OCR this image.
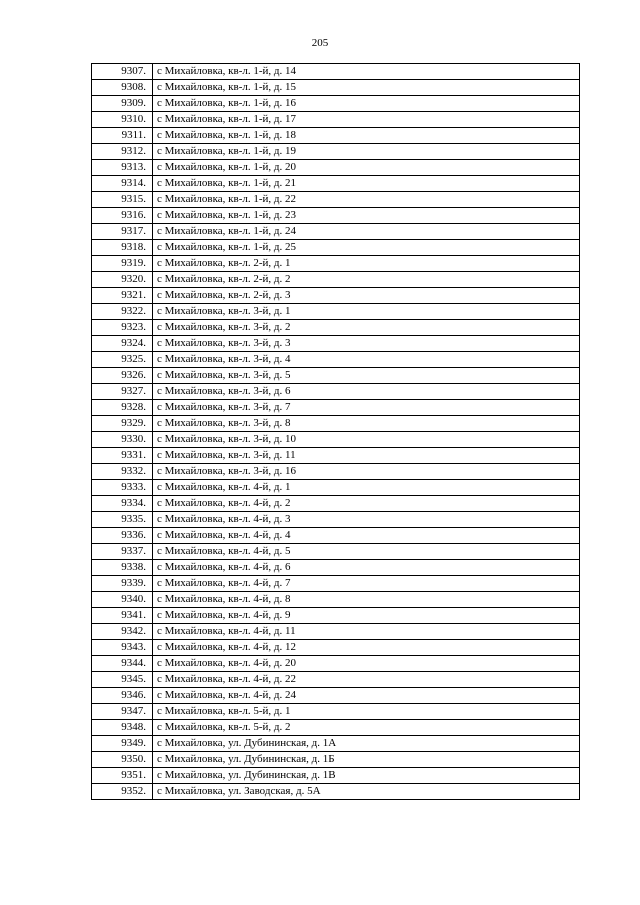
205
9307.	с Михайловка, кв-л. 1-й, д. 14
9308.	с Михайловка, кв-л. 1-й, д. 15
9309.	с Михайловка, кв-л. 1-й, д. 16
9310.	с Михайловка, кв-л. 1-й, д. 17
9311.	с Михайловка, кв-л. 1-й, д. 18
9312.	с Михайловка, кв-л. 1-й, д. 19
9313.	с Михайловка, кв-л. 1-й, д. 20
9314.	с Михайловка, кв-л. 1-й, д. 21
9315.	с Михайловка, кв-л. 1-й, д. 22
9316.	с Михайловка, кв-л. 1-й, д. 23
9317.	с Михайловка, кв-л. 1-й, д. 24
9318.	с Михайловка, кв-л. 1-й, д. 25
9319.	с Михайловка, кв-л. 2-й, д. 1
9320.	с Михайловка, кв-л. 2-й, д. 2
9321.	с Михайловка, кв-л. 2-й, д. 3
9322.	с Михайловка, кв-л. 3-й, д. 1
9323.	с Михайловка, кв-л. 3-й, д. 2
9324.	с Михайловка, кв-л. 3-й, д. 3
9325.	с Михайловка, кв-л. 3-й, д. 4
9326.	с Михайловка, кв-л. 3-й, д. 5
9327.	с Михайловка, кв-л. 3-й, д. 6
9328.	с Михайловка, кв-л. 3-й, д. 7
9329.	с Михайловка, кв-л. 3-й, д. 8
9330.	с Михайловка, кв-л. 3-й, д. 10
9331.	с Михайловка, кв-л. 3-й, д. 11
9332.	с Михайловка, кв-л. 3-й, д. 16
9333.	с Михайловка, кв-л. 4-й, д. 1
9334.	с Михайловка, кв-л. 4-й, д. 2
9335.	с Михайловка, кв-л. 4-й, д. 3
9336.	с Михайловка, кв-л. 4-й, д. 4
9337.	с Михайловка, кв-л. 4-й, д. 5
9338.	с Михайловка, кв-л. 4-й, д. 6
9339.	с Михайловка, кв-л. 4-й, д. 7
9340.	с Михайловка, кв-л. 4-й, д. 8
9341.	с Михайловка, кв-л. 4-й, д. 9
9342.	с Михайловка, кв-л. 4-й, д. 11
9343.	с Михайловка, кв-л. 4-й, д. 12
9344.	с Михайловка, кв-л. 4-й, д. 20
9345.	с Михайловка, кв-л. 4-й, д. 22
9346.	с Михайловка, кв-л. 4-й, д. 24
9347.	с Михайловка, кв-л. 5-й, д. 1
9348.	с Михайловка, кв-л. 5-й, д. 2
9349.	с Михайловка, ул. Дубининская, д. 1А
9350.	с Михайловка, ул. Дубининская, д. 1Б
9351.	с Михайловка, ул. Дубининская, д. 1В
9352.	с Михайловка, ул. Заводская, д. 5А
